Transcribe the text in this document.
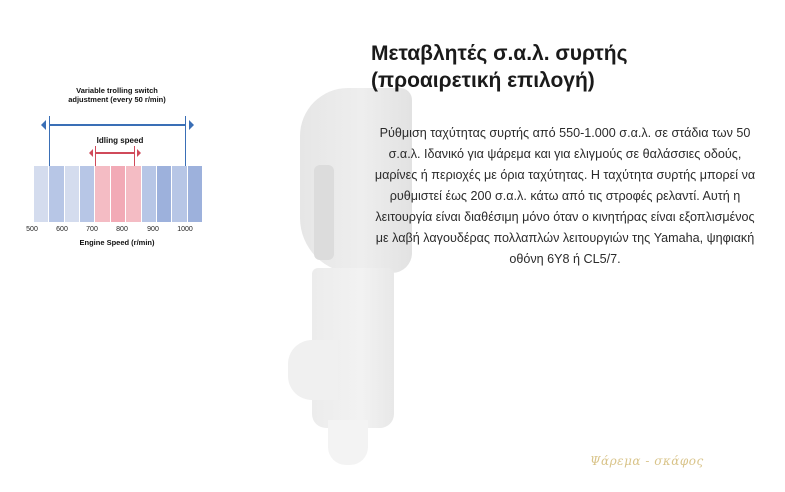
Variable trolling switch adjustment (every 50 r/min)
Idling speed
500	600	700	800	900	1000
Engine Speed (r/min)
Μεταβλητές σ.α.λ. συρτής (προαιρετική επιλογή)

Ρύθμιση ταχύτητας συρτής από 550-1.000 σ.α.λ. σε στάδια των 50 σ.α.λ. Ιδανικό για ψάρεμα και για ελιγμούς σε θαλάσσιες οδούς, μαρίνες ή περιοχές με όρια ταχύτητας. Η ταχύτητα συρτής μπορεί να ρυθμιστεί έως 200 σ.α.λ. κάτω από τις στροφές ρελαντί. Αυτή η λειτουργία είναι διαθέσιμη μόνο όταν ο κινητήρας είναι εξοπλισμένος με λαβή λαγουδέρας πολλαπλών λειτουργιών της Yamaha, ψηφιακή οθόνη 6Υ8 ή CL5/7.

Ψάρεμα - σκάφος
